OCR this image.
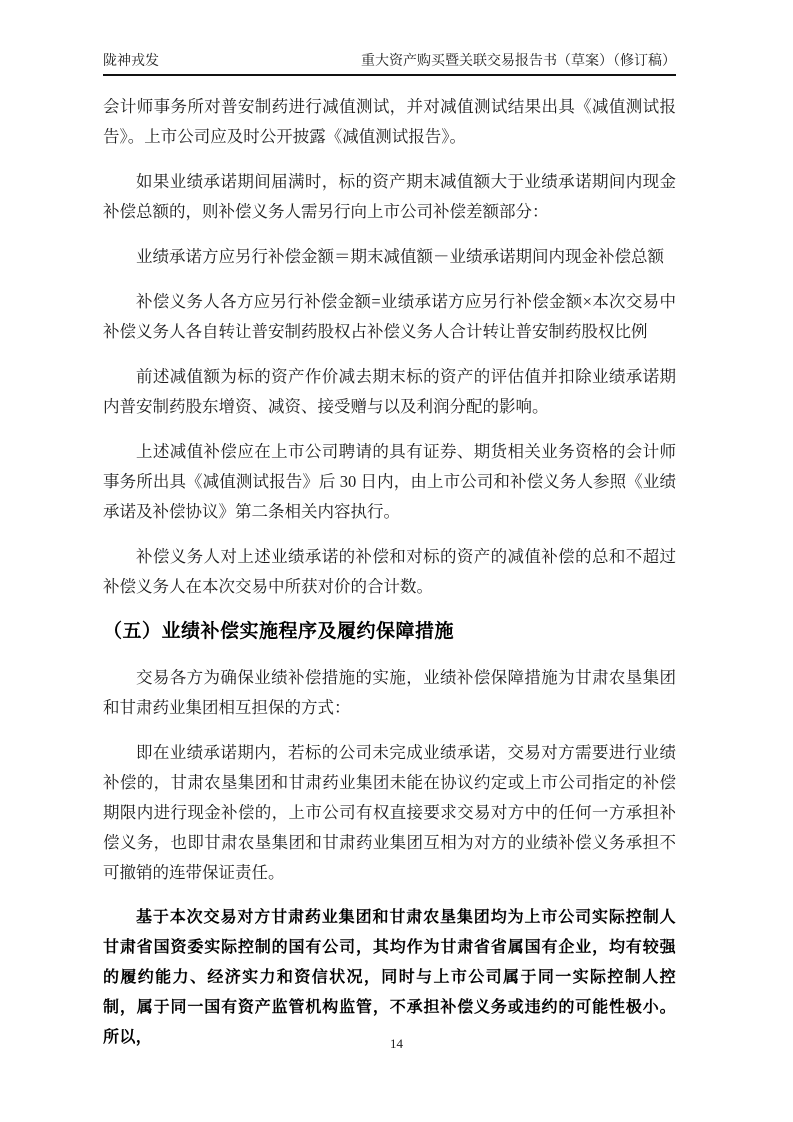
陇神戎发	重大资产购买暨关联交易报告书（草案）（修订稿）

会计师事务所对普安制药进行减值测试，并对减值测试结果出具《减值测试报告》。上市公司应及时公开披露《减值测试报告》。

如果业绩承诺期间届满时，标的资产期末减值额大于业绩承诺期间内现金补偿总额的，则补偿义务人需另行向上市公司补偿差额部分：

业绩承诺方应另行补偿金额＝期末减值额－业绩承诺期间内现金补偿总额

补偿义务人各方应另行补偿金额=业绩承诺方应另行补偿金额×本次交易中补偿义务人各自转让普安制药股权占补偿义务人合计转让普安制药股权比例

前述减值额为标的资产作价减去期末标的资产的评估值并扣除业绩承诺期内普安制药股东增资、减资、接受赠与以及利润分配的影响。

上述减值补偿应在上市公司聘请的具有证券、期货相关业务资格的会计师事务所出具《减值测试报告》后 30 日内，由上市公司和补偿义务人参照《业绩承诺及补偿协议》第二条相关内容执行。

补偿义务人对上述业绩承诺的补偿和对标的资产的减值补偿的总和不超过补偿义务人在本次交易中所获对价的合计数。

（五）业绩补偿实施程序及履约保障措施

交易各方为确保业绩补偿措施的实施，业绩补偿保障措施为甘肃农垦集团和甘肃药业集团相互担保的方式：

即在业绩承诺期内，若标的公司未完成业绩承诺，交易对方需要进行业绩补偿的，甘肃农垦集团和甘肃药业集团未能在协议约定或上市公司指定的补偿期限内进行现金补偿的，上市公司有权直接要求交易对方中的任何一方承担补偿义务，也即甘肃农垦集团和甘肃药业集团互相为对方的业绩补偿义务承担不可撤销的连带保证责任。

基于本次交易对方甘肃药业集团和甘肃农垦集团均为上市公司实际控制人甘肃省国资委实际控制的国有公司，其均作为甘肃省省属国有企业，均有较强的履约能力、经济实力和资信状况，同时与上市公司属于同一实际控制人控制，属于同一国有资产监管机构监管，不承担补偿义务或违约的可能性极小。所以，	14
